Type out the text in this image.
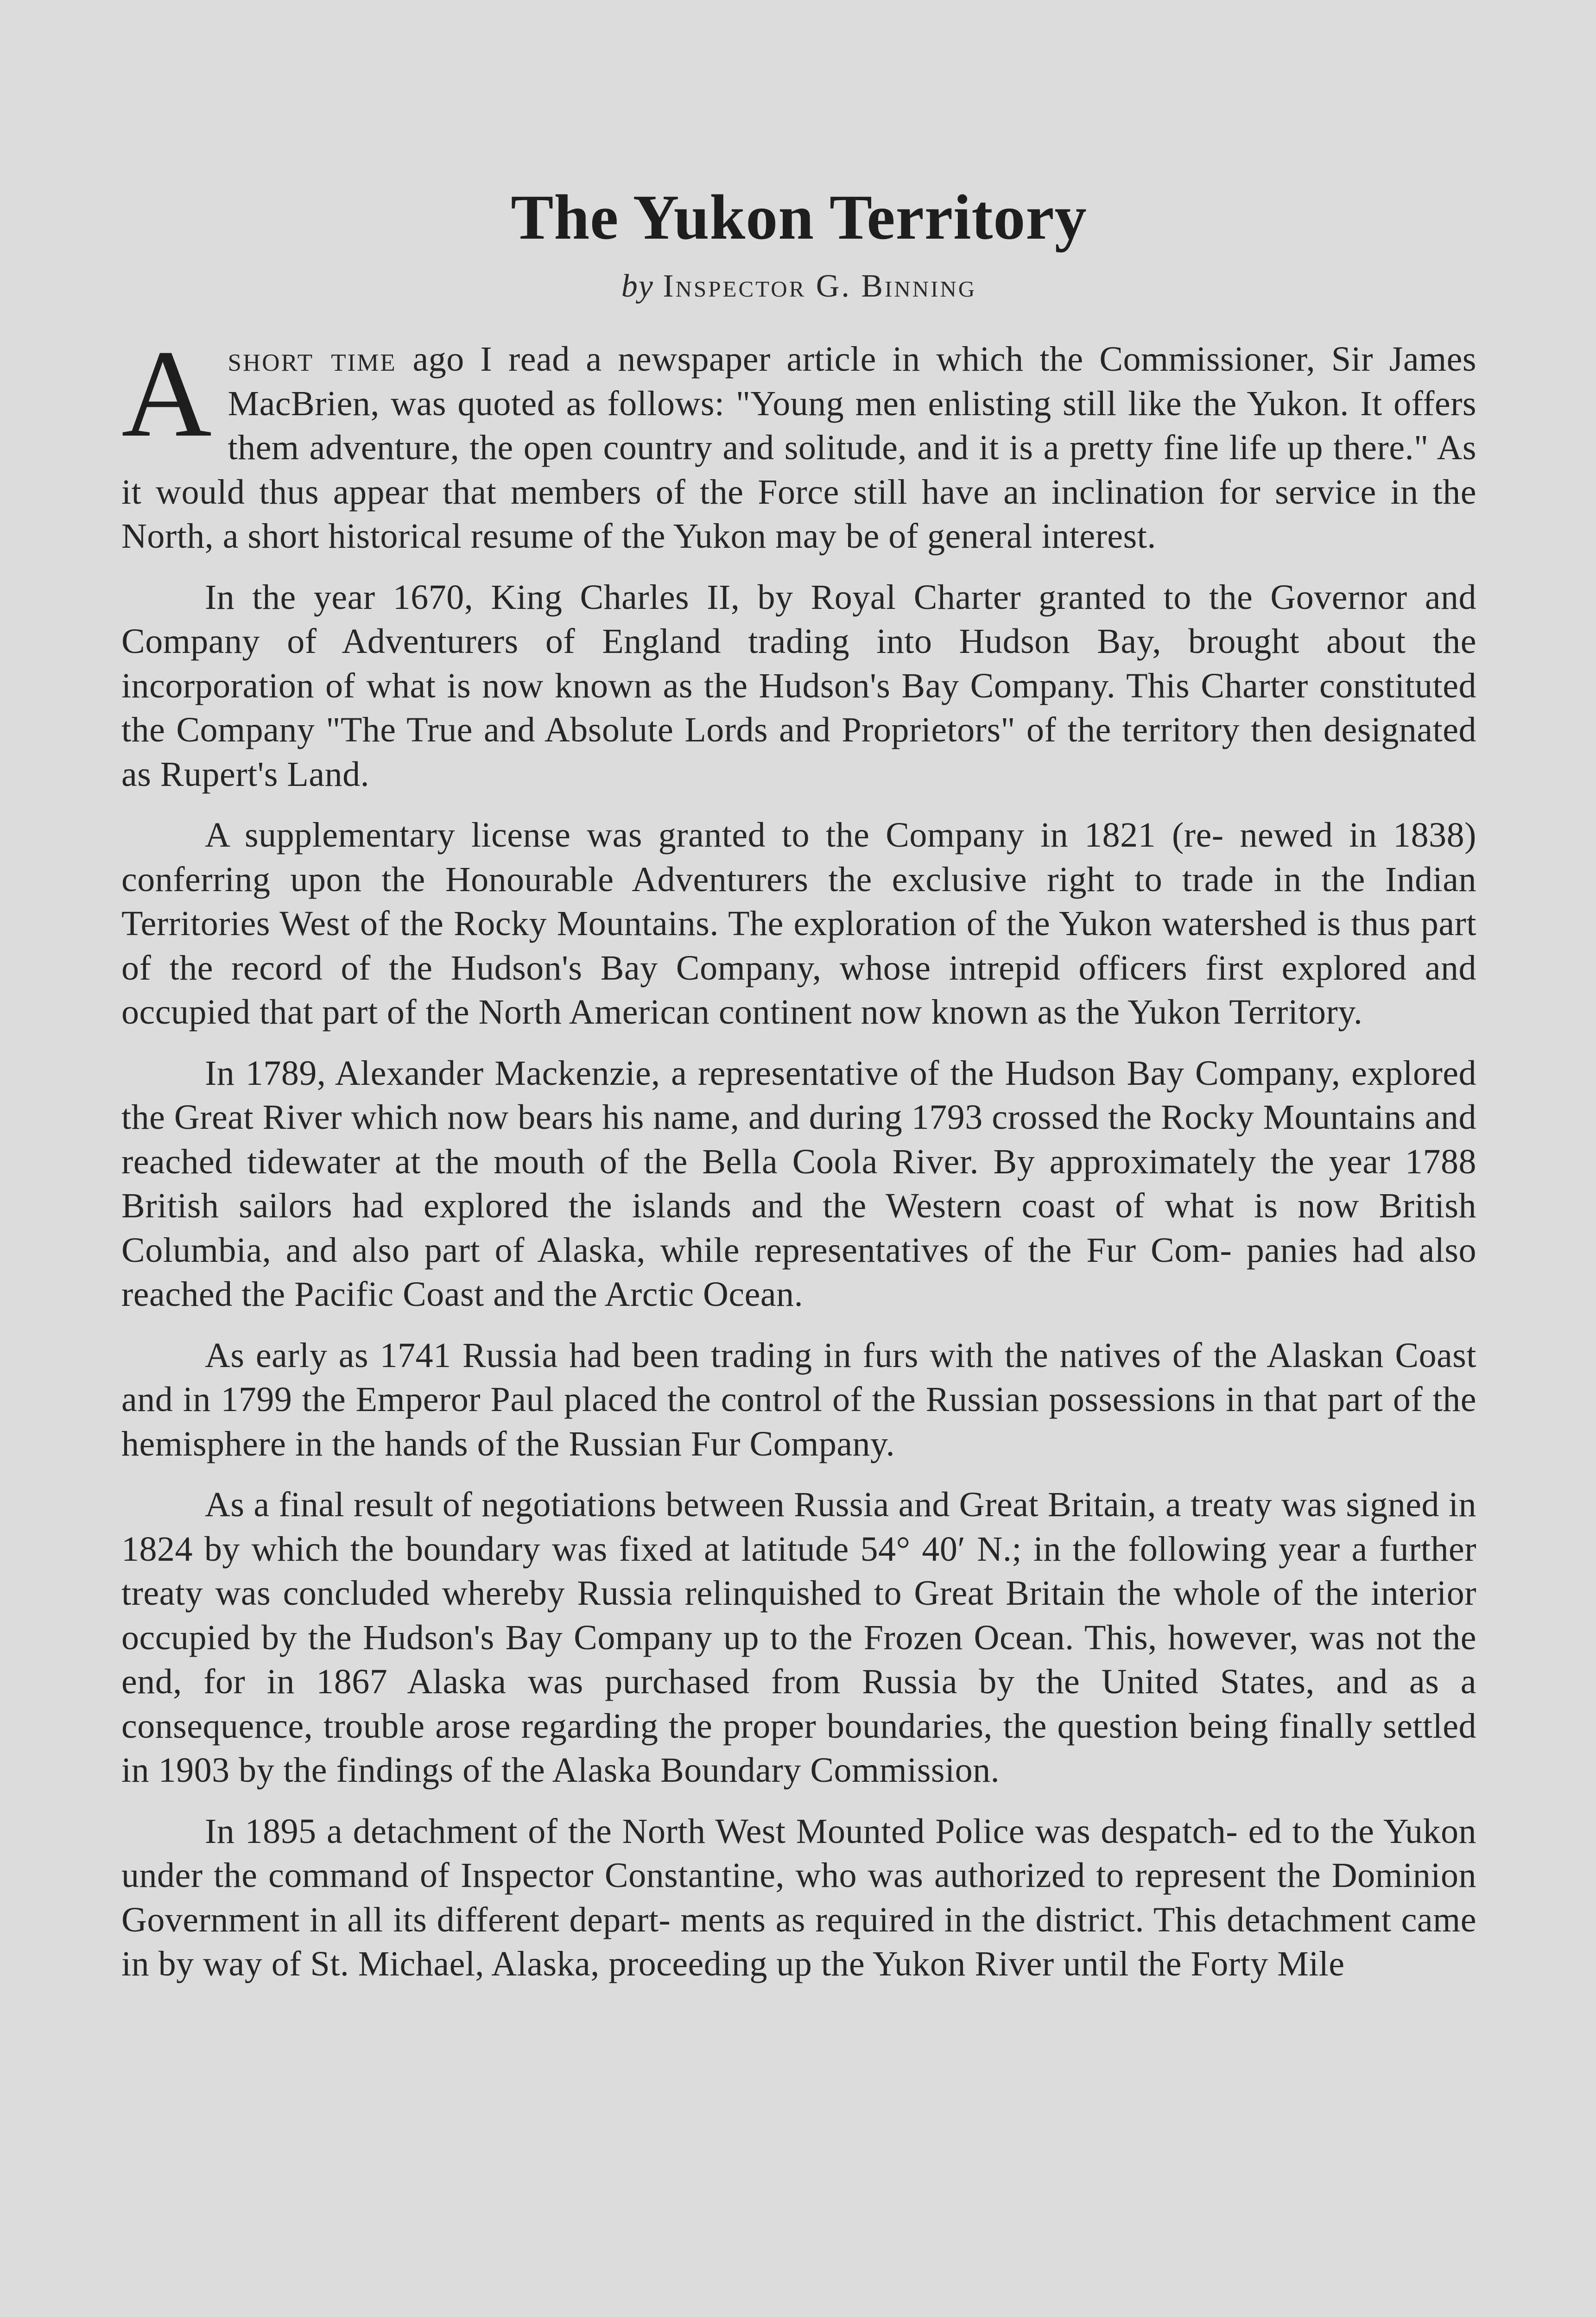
The Yukon Territory
by Inspector G. Binning

Ashort time ago I read a newspaper article in which the Commissioner, Sir James MacBrien, was quoted as follows: "Young men enlisting still like the Yukon. It offers them adventure, the open country and solitude, and it is a pretty fine life up there." As it would thus appear that members of the Force still have an inclination for service in the North, a short historical resume of the Yukon may be of general interest.

In the year 1670, King Charles II, by Royal Charter granted to the Governor and Company of Adventurers of England trading into Hudson Bay, brought about the incorporation of what is now known as the Hudson's Bay Company. This Charter constituted the Company "The True and Absolute Lords and Proprietors" of the territory then designated as Rupert's Land.

A supplementary license was granted to the Company in 1821 (re- newed in 1838) conferring upon the Honourable Adventurers the exclusive right to trade in the Indian Territories West of the Rocky Mountains. The exploration of the Yukon watershed is thus part of the record of the Hudson's Bay Company, whose intrepid officers first explored and occupied that part of the North American continent now known as the Yukon Territory.

In 1789, Alexander Mackenzie, a representative of the Hudson Bay Company, explored the Great River which now bears his name, and during 1793 crossed the Rocky Mountains and reached tidewater at the mouth of the Bella Coola River. By approximately the year 1788 British sailors had explored the islands and the Western coast of what is now British Columbia, and also part of Alaska, while representatives of the Fur Com- panies had also reached the Pacific Coast and the Arctic Ocean.

As early as 1741 Russia had been trading in furs with the natives of the Alaskan Coast and in 1799 the Emperor Paul placed the control of the Russian possessions in that part of the hemisphere in the hands of the Russian Fur Company.

As a final result of negotiations between Russia and Great Britain, a treaty was signed in 1824 by which the boundary was fixed at latitude 54° 40′ N.; in the following year a further treaty was concluded whereby Russia relinquished to Great Britain the whole of the interior occupied by the Hudson's Bay Company up to the Frozen Ocean. This, however, was not the end, for in 1867 Alaska was purchased from Russia by the United States, and as a consequence, trouble arose regarding the proper boundaries, the question being finally settled in 1903 by the findings of the Alaska Boundary Commission.

In 1895 a detachment of the North West Mounted Police was despatch- ed to the Yukon under the command of Inspector Constantine, who was authorized to represent the Dominion Government in all its different depart- ments as required in the district. This detachment came in by way of St. Michael, Alaska, proceeding up the Yukon River until the Forty Mile
